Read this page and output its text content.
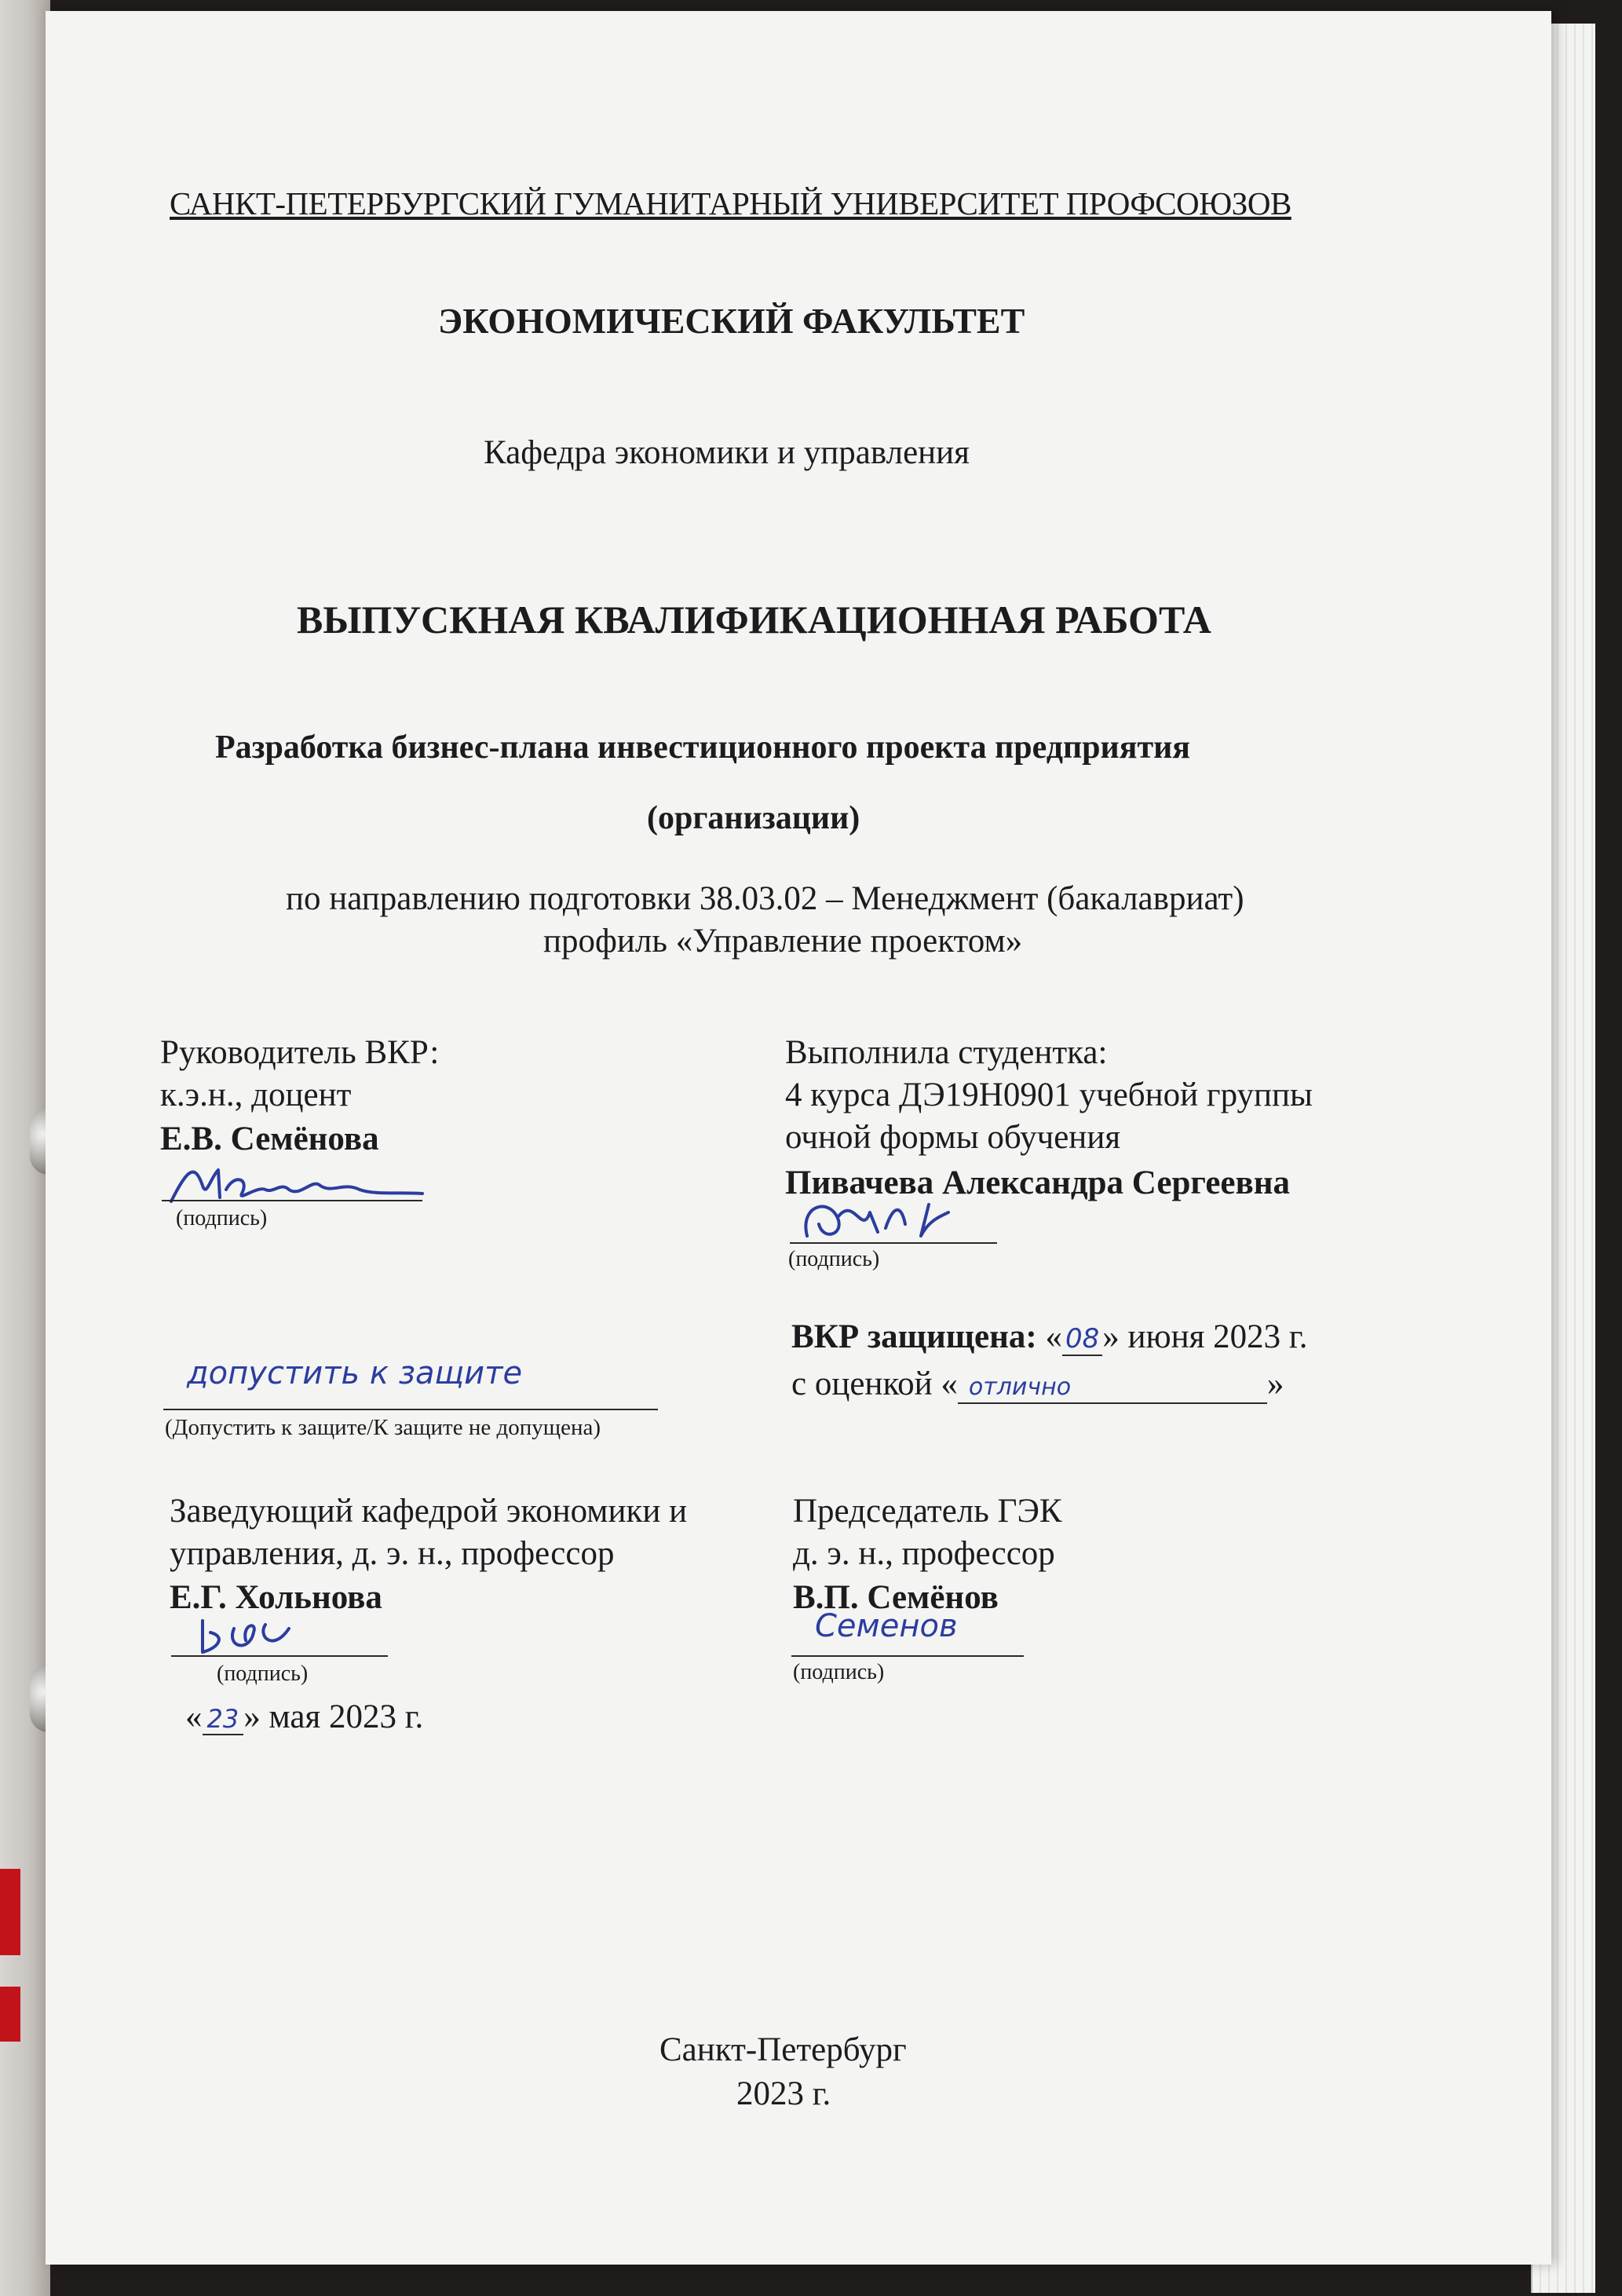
САНКТ-ПЕТЕРБУРГСКИЙ ГУМАНИТАРНЫЙ УНИВЕРСИТЕТ ПРОФСОЮЗОВ
ЭКОНОМИЧЕСКИЙ ФАКУЛЬТЕТ
Кафедра экономики и управления
ВЫПУСКНАЯ КВАЛИФИКАЦИОННАЯ РАБОТА
Разработка бизнес-плана инвестиционного проекта предприятия
(организации)
по направлению подготовки 38.03.02 – Менеджмент (бакалавриат)
профиль «Управление проектом»
Руководитель ВКР:
к.э.н., доцент
Е.В. Семёнова
(подпись)
Выполнила студентка:
4 курса ДЭ19Н0901 учебной группы
очной формы обучения
Пивачева Александра Сергеевна
(подпись)
допустить к защите
(Допустить к защите/К защите не допущена)
ВКР защищена: « 08» июня 2023 г.
с оценкой « отлично	»
Заведующий кафедрой экономики и
управления, д. э. н., профессор
Е.Г. Хольнова
(подпись)
« 23 » мая 2023 г.
Председатель ГЭК
д. э. н., профессор
В.П. Семёнов
Семенов
(подпись)
Санкт-Петербург
2023 г.
